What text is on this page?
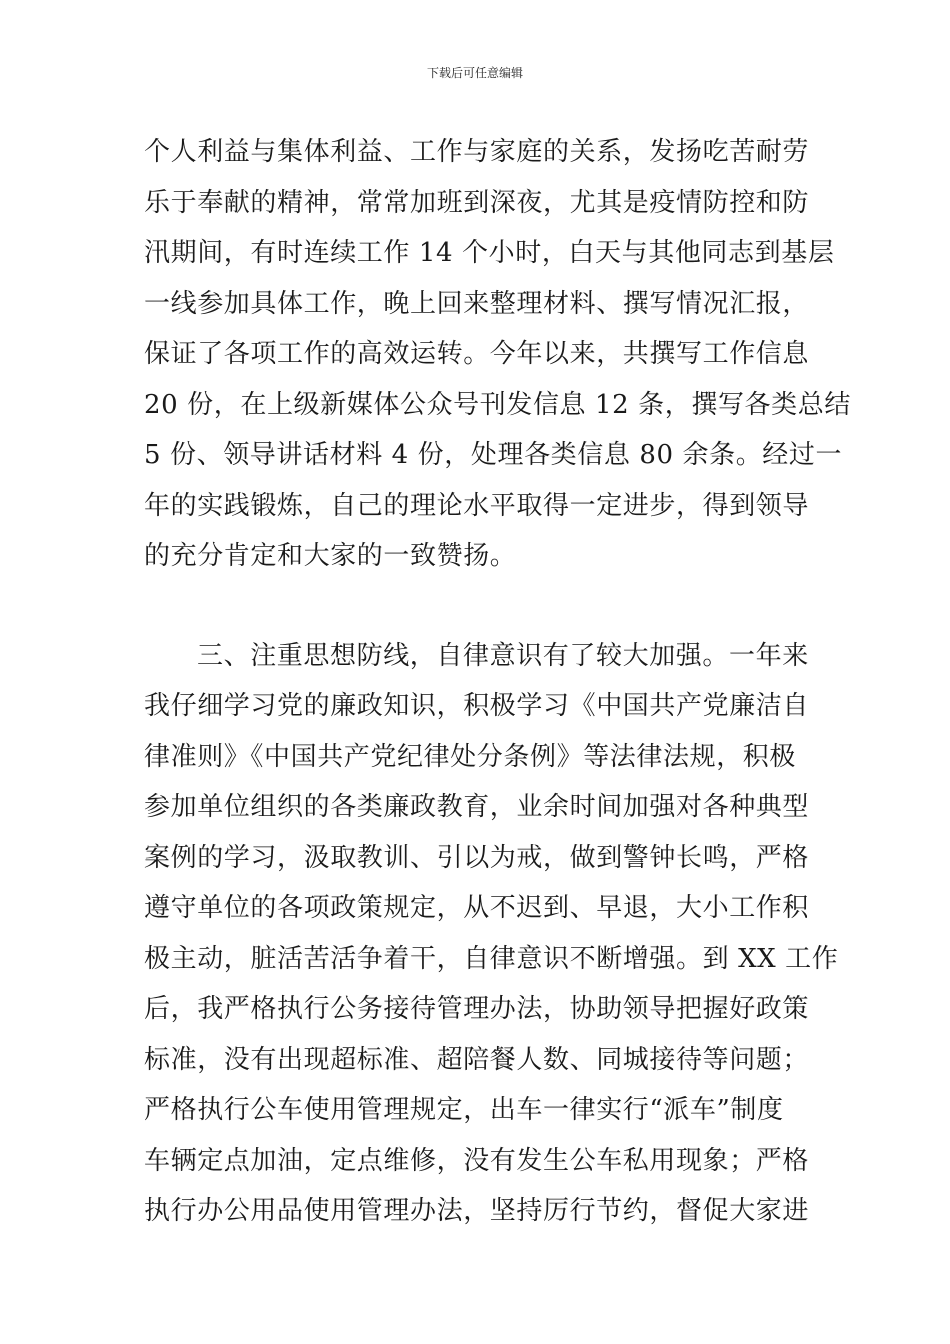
下载后可任意编辑
个人利益与集体利益、工作与家庭的关系，发扬吃苦耐劳
乐于奉献的精神，常常加班到深夜，尤其是疫情防控和防
汛期间，有时连续工作 14 个小时，白天与其他同志到基层
一线参加具体工作，晚上回来整理材料、撰写情况汇报，
保证了各项工作的高效运转。今年以来，共撰写工作信息
20 份，在上级新媒体公众号刊发信息 12 条，撰写各类总结
5 份、领导讲话材料 4 份，处理各类信息 80 余条。经过一
年的实践锻炼，自己的理论水平取得一定进步，得到领导
的充分肯定和大家的一致赞扬。
三、注重思想防线，自律意识有了较大加强。一年来
我仔细学习党的廉政知识，积极学习《中国共产党廉洁自
律准则》《中国共产党纪律处分条例》等法律法规，积极
参加单位组织的各类廉政教育，业余时间加强对各种典型
案例的学习，汲取教训、引以为戒，做到警钟长鸣，严格
遵守单位的各项政策规定，从不迟到、早退，大小工作积
极主动，脏活苦活争着干，自律意识不断增强。到 XX 工作
后，我严格执行公务接待管理办法，协助领导把握好政策
标准，没有出现超标准、超陪餐人数、同城接待等问题；
严格执行公车使用管理规定，出车一律实行“派车”制度
车辆定点加油，定点维修，没有发生公车私用现象；严格
执行办公用品使用管理办法，坚持厉行节约，督促大家进
